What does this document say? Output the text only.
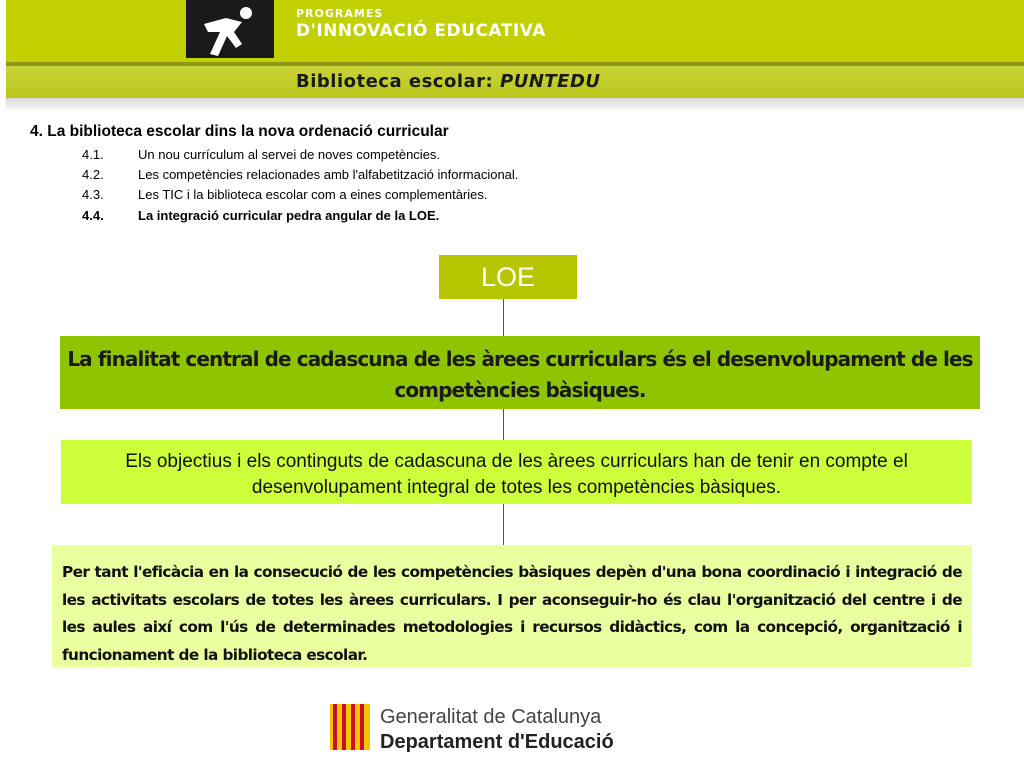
PROGRAMES
D'INNOVACIÓ EDUCATIVA
Biblioteca escolar: PUNTEDU
4. La biblioteca escolar dins la nova ordenació curricular
4.1.	Un nou currículum al servei de noves competències.
4.2.	Les competències relacionades amb l'alfabetització informacional.
4.3.	Les TIC i la biblioteca escolar com a eines complementàries.
4.4.	La integració curricular pedra angular de la LOE.
LOE
La finalitat central de cadascuna de les àrees curriculars és el desenvolupament de les competències bàsiques.
Els objectius i els continguts de cadascuna de les àrees curriculars han de tenir en compte el desenvolupament integral de totes les competències bàsiques.
Per tant l'eficàcia en la consecució de les competències bàsiques depèn d'una bona coordinació i integració de les activitats escolars de totes les àrees curriculars. I per aconseguir-ho és clau l'organització del centre i de les aules així com l'ús de determinades metodologies i recursos didàctics, com la concepció, organització i funcionament de la biblioteca escolar.
Generalitat de Catalunya
Departament d'Educació
